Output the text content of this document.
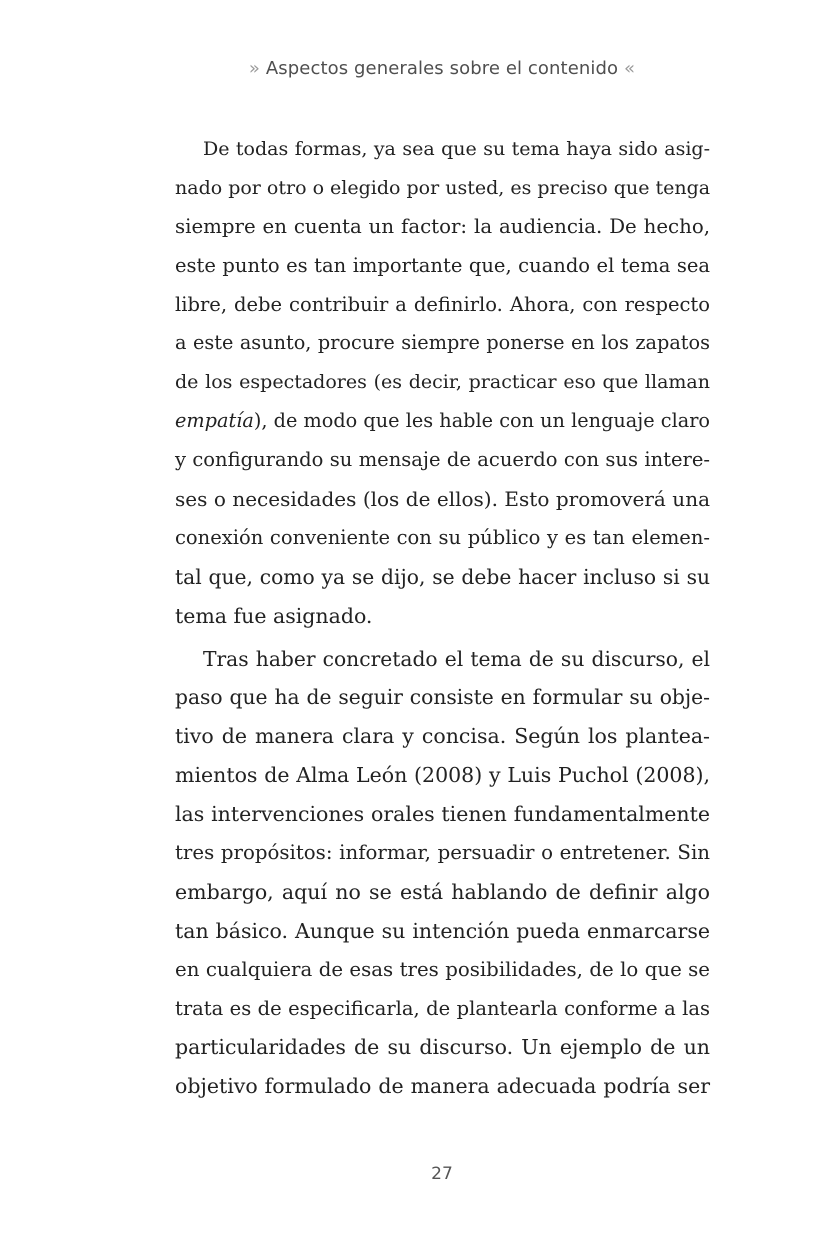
» Aspectos generales sobre el contenido «
De todas formas, ya sea que su tema haya sido asig-
nado por otro o elegido por usted, es preciso que tenga
siempre en cuenta un factor: la audiencia. De hecho,
este punto es tan importante que, cuando el tema sea
libre, debe contribuir a definirlo. Ahora, con respecto
a este asunto, procure siempre ponerse en los zapatos
de los espectadores (es decir, practicar eso que llaman
empatía), de modo que les hable con un lenguaje claro
y configurando su mensaje de acuerdo con sus intere-
ses o necesidades (los de ellos). Esto promoverá una
conexión conveniente con su público y es tan elemen-
tal que, como ya se dijo, se debe hacer incluso si su
tema fue asignado.
Tras haber concretado el tema de su discurso, el
paso que ha de seguir consiste en formular su obje-
tivo de manera clara y concisa. Según los plantea-
mientos de Alma León (2008) y Luis Puchol (2008),
las intervenciones orales tienen fundamentalmente
tres propósitos: informar, persuadir o entretener. Sin
embargo, aquí no se está hablando de definir algo
tan básico. Aunque su intención pueda enmarcarse
en cualquiera de esas tres posibilidades, de lo que se
trata es de especificarla, de plantearla conforme a las
particularidades de su discurso. Un ejemplo de un
objetivo formulado de manera adecuada podría ser
27
